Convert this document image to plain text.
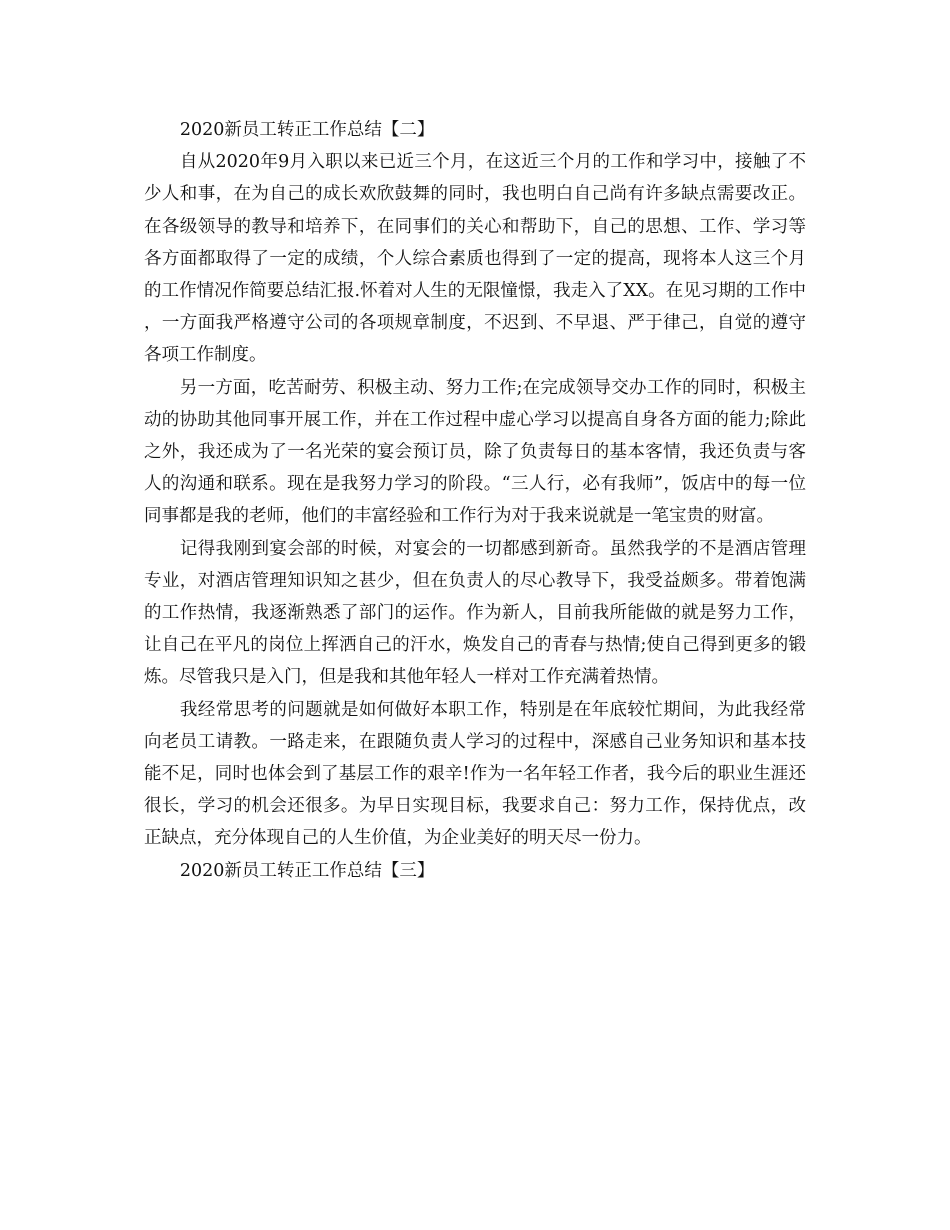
2020新员工转正工作总结【二】

自从2020年9月入职以来已近三个月，在这近三个月的工作和学习中，接触了不少人和事，在为自己的成长欢欣鼓舞的同时，我也明白自己尚有许多缺点需要改正。在各级领导的教导和培养下，在同事们的关心和帮助下，自己的思想、工作、学习等各方面都取得了一定的成绩，个人综合素质也得到了一定的提高，现将本人这三个月的工作情况作简要总结汇报.怀着对人生的无限憧憬，我走入了XX。在见习期的工作中，一方面我严格遵守公司的各项规章制度，不迟到、不早退、严于律己，自觉的遵守各项工作制度。

另一方面，吃苦耐劳、积极主动、努力工作;在完成领导交办工作的同时，积极主动的协助其他同事开展工作，并在工作过程中虚心学习以提高自身各方面的能力;除此之外，我还成为了一名光荣的宴会预订员，除了负责每日的基本客情，我还负责与客人的沟通和联系。现在是我努力学习的阶段。“三人行，必有我师”，饭店中的每一位同事都是我的老师，他们的丰富经验和工作行为对于我来说就是一笔宝贵的财富。

记得我刚到宴会部的时候，对宴会的一切都感到新奇。虽然我学的不是酒店管理专业，对酒店管理知识知之甚少，但在负责人的尽心教导下，我受益颇多。带着饱满的工作热情，我逐渐熟悉了部门的运作。作为新人，目前我所能做的就是努力工作，让自己在平凡的岗位上挥洒自己的汗水，焕发自己的青春与热情;使自己得到更多的锻炼。尽管我只是入门，但是我和其他年轻人一样对工作充满着热情。

我经常思考的问题就是如何做好本职工作，特别是在年底较忙期间，为此我经常向老员工请教。一路走来，在跟随负责人学习的过程中，深感自己业务知识和基本技能不足，同时也体会到了基层工作的艰辛!作为一名年轻工作者，我今后的职业生涯还很长，学习的机会还很多。为早日实现目标，我要求自己：努力工作，保持优点，改正缺点，充分体现自己的人生价值，为企业美好的明天尽一份力。

2020新员工转正工作总结【三】
